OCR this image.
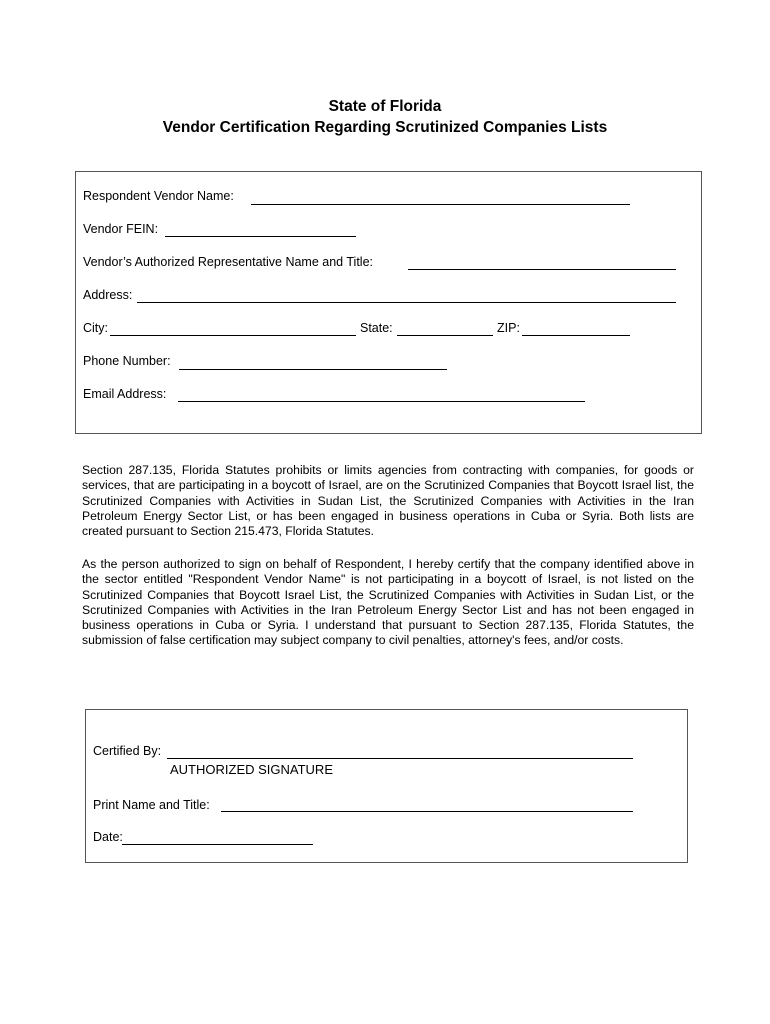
State of Florida
Vendor Certification Regarding Scrutinized Companies Lists
Respondent Vendor Name:
Vendor FEIN:
Vendor’s Authorized Representative Name and Title:
Address:
City:	State:	ZIP:
Phone Number:
Email Address:
Section 287.135, Florida Statutes prohibits or limits agencies from contracting with companies, for goods or services, that are participating in a boycott of Israel, are on the Scrutinized Companies that Boycott Israel list, the Scrutinized Companies with Activities in Sudan List, the Scrutinized Companies with Activities in the Iran Petroleum Energy Sector List, or has been engaged in business operations in Cuba or Syria. Both lists are created pursuant to Section 215.473, Florida Statutes.
As the person authorized to sign on behalf of Respondent, I hereby certify that the company identified above in the sector entitled "Respondent Vendor Name" is not participating in a boycott of Israel, is not listed on the Scrutinized Companies that Boycott Israel List, the Scrutinized Companies with Activities in Sudan List, or the Scrutinized Companies with Activities in the Iran Petroleum Energy Sector List and has not been engaged in business operations in Cuba or Syria. I understand that pursuant to Section 287.135, Florida Statutes, the submission of false certification may subject company to civil penalties, attorney's fees, and/or costs.
Certified By:
AUTHORIZED SIGNATURE
Print Name and Title:
Date:
